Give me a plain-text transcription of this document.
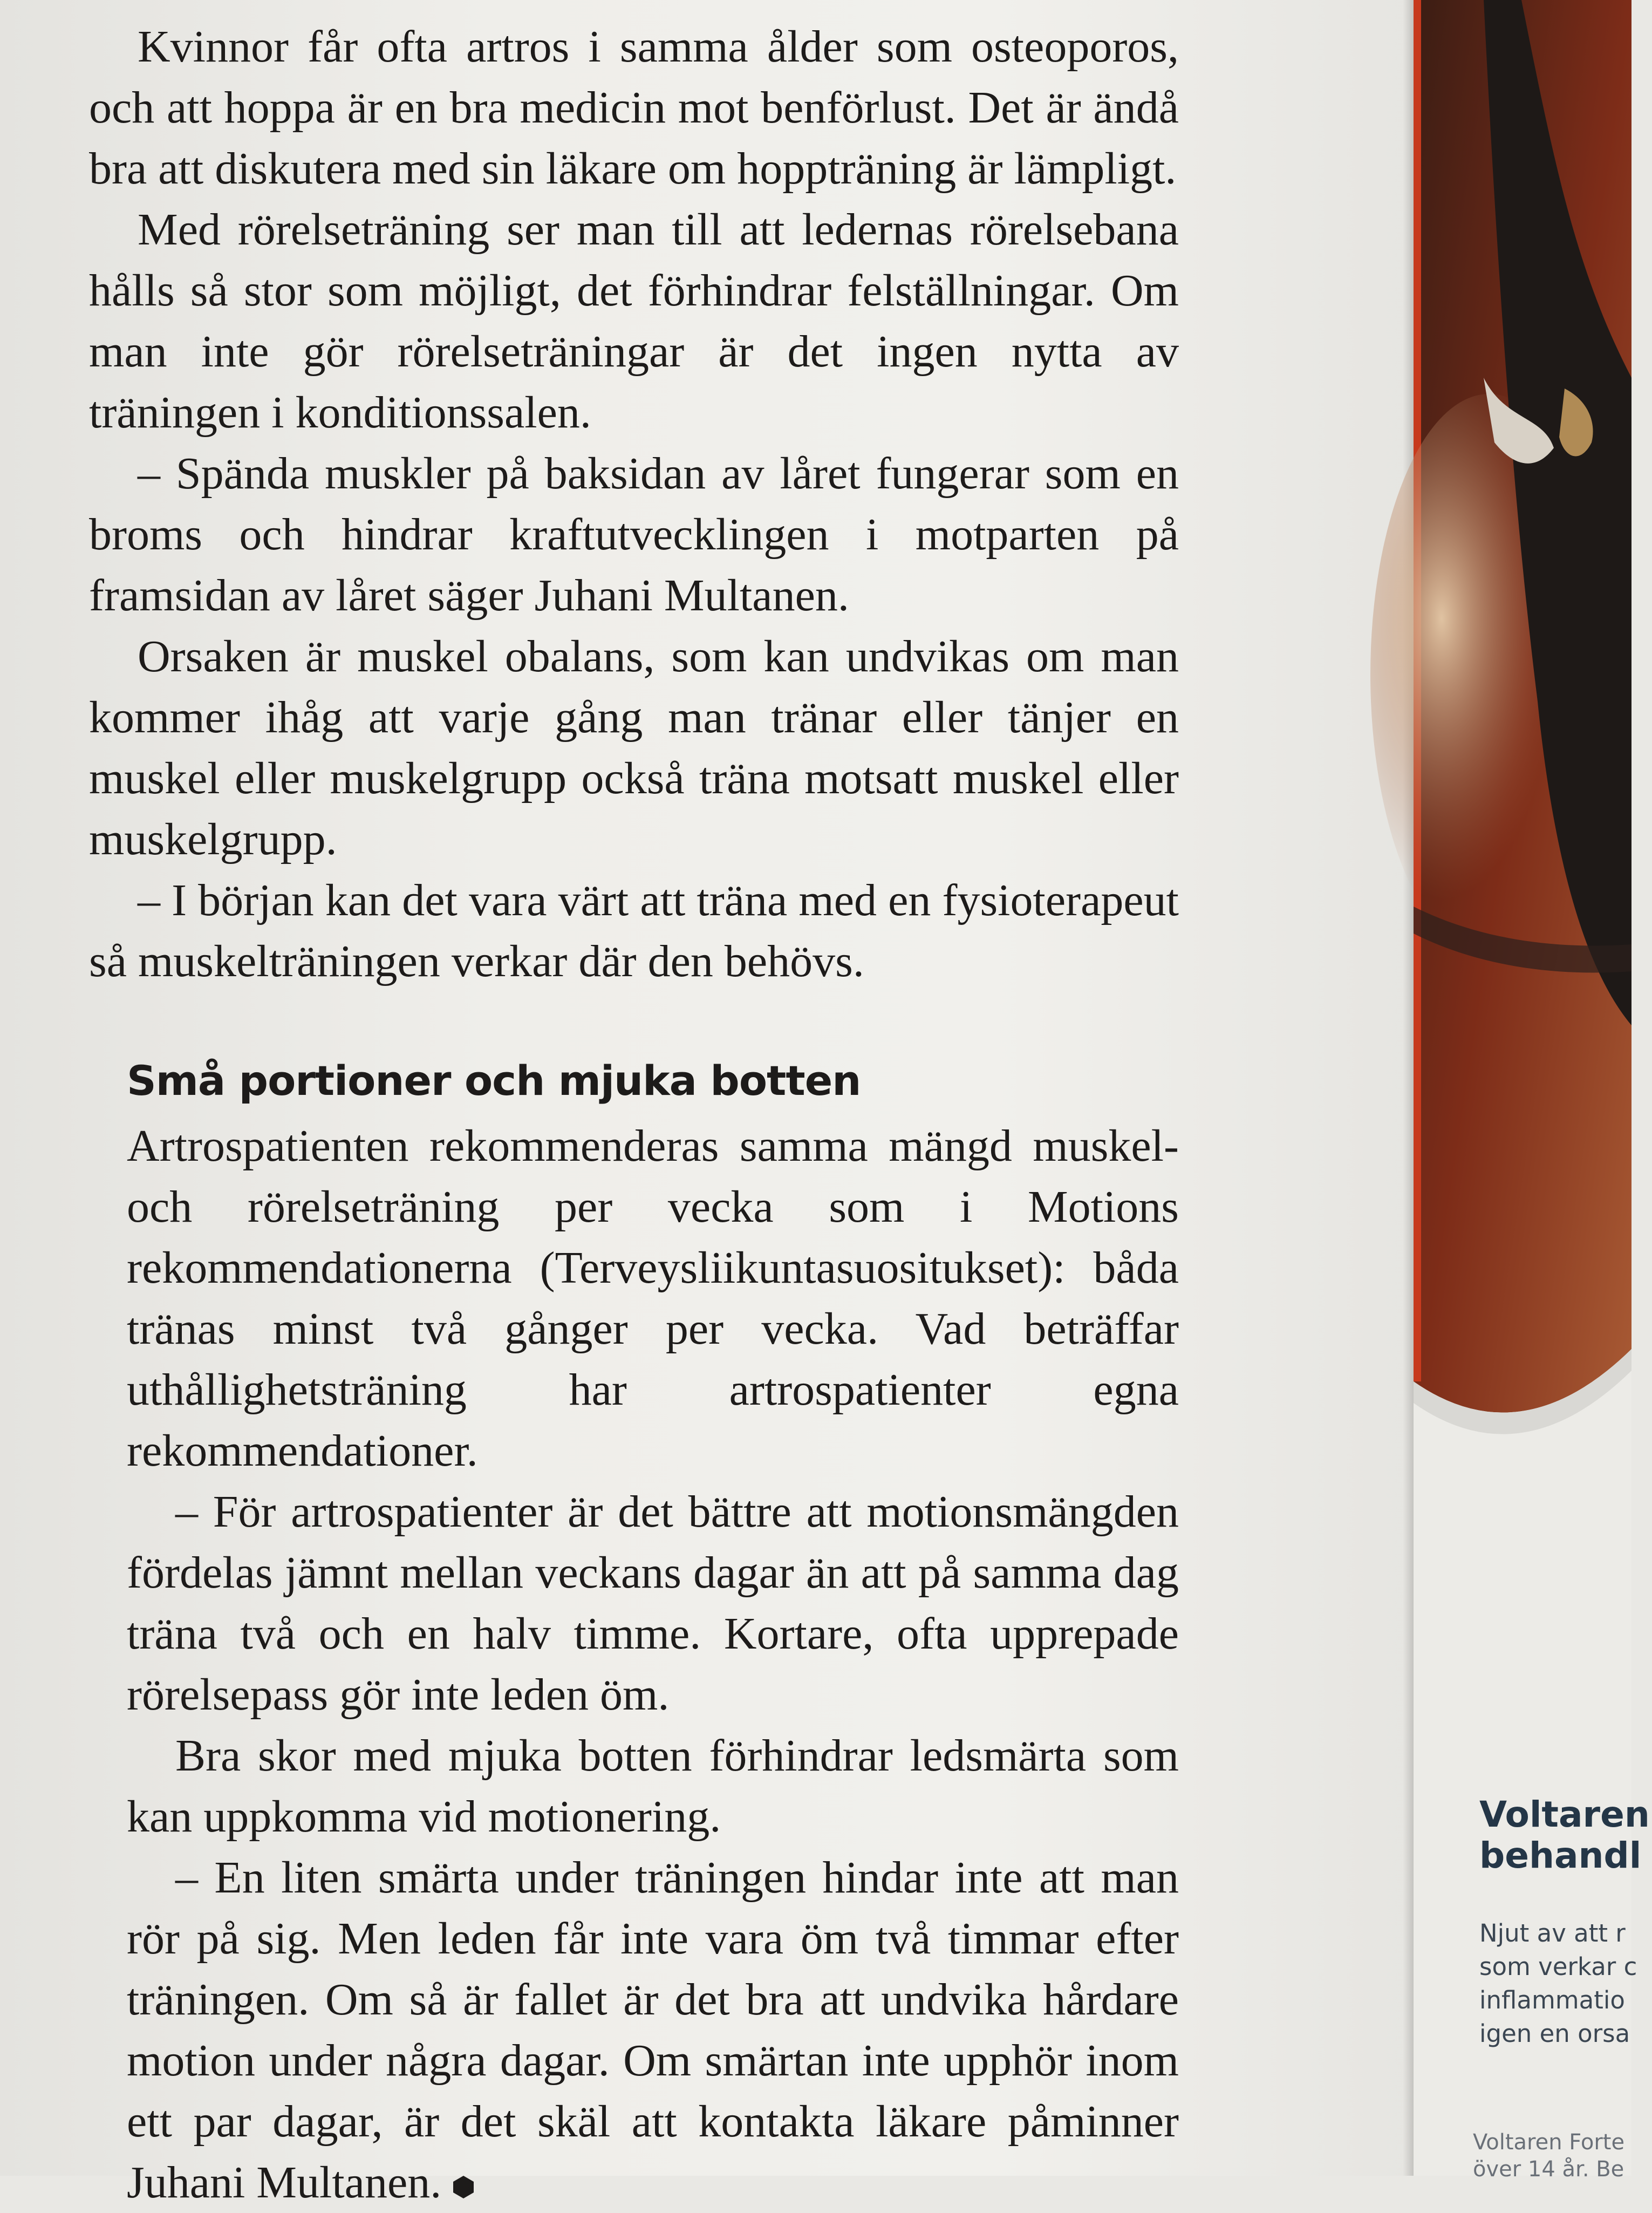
Kvinnor får ofta artros i samma ålder som osteoporos, och att hoppa är en bra medicin mot benförlust. Det är ändå bra att diskutera med sin läkare om hoppträning är lämpligt.

Med rörelseträning ser man till att ledernas rörelsebana hålls så stor som möjligt, det förhindrar felställningar. Om man inte gör rörelseträningar är det ingen nytta av träningen i konditionssalen.

– Spända muskler på baksidan av låret fungerar som en broms och hindrar kraftutvecklingen i motparten på framsidan av låret säger Juhani Multanen.

Orsaken är muskel obalans, som kan undvikas om man kommer ihåg att varje gång man tränar eller tänjer en muskel eller muskelgrupp också träna motsatt muskel eller muskelgrupp.

– I början kan det vara värt att träna med en fysioterapeut så muskelträningen verkar där den behövs.

Små portioner och mjuka botten

Artrospatienten rekommenderas samma mängd muskel- och rörelseträning per vecka som i Motions rekommendationerna (Terveysliikuntasuositukset): båda tränas minst två gånger per vecka. Vad beträffar uthållighetsträning har artrospatienter egna rekommendationer.

– För artrospatienter är det bättre att motionsmängden fördelas jämnt mellan veckans dagar än att på samma dag träna två och en halv timme. Kortare, ofta upprepade rörelsepass gör inte leden öm.

Bra skor med mjuka botten förhindrar ledsmärta som kan uppkomma vid motionering.

– En liten smärta under träningen hindar inte att man rör på sig. Men leden får inte vara öm två timmar efter träningen. Om så är fallet är det bra att undvika hårdare motion under några dagar. Om smärtan inte upphör inom ett par dagar, är det skäl att kontakta läkare påminner Juhani Multanen.

Voltaren
behandl
Njut av att r
som verkar c
inflammatio
igen en orsa
Voltaren Forte
över 14 år. Be
